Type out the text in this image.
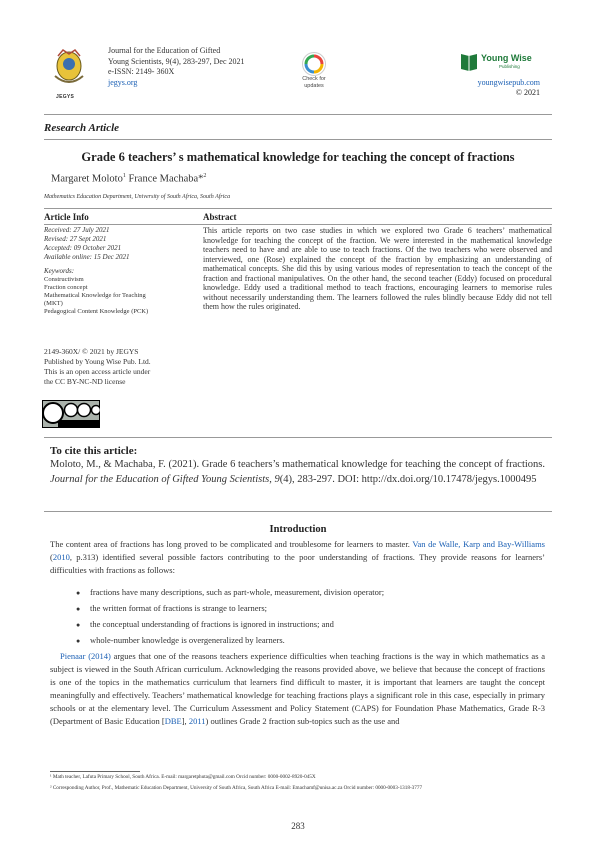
JEGYS
Journal for the Education of Gifted
Young Scientists, 9(4), 283-297, Dec 2021
e-ISSN: 2149- 360X
jegys.org	Check for
updates
Young Wise
Publishing
youngwisepub.com
© 2021
Research Article
Grade 6 teachers’ s mathematical knowledge for teaching the concept of fractions
Margaret Moloto$^1$ France Machaba*$^2$
Mathematics Education Department, University of South Africa, South Africa
Article Info	Abstract
Received: 27 July 2021
Revised: 27 Sept 2021
Accepted: 09 October 2021
Available online: 15 Dec 2021
Keywords:
Constructivism
Fraction concept
Mathematical Knowledge for Teaching
(MKT)
Pedagogical Content Knowledge (PCK)
2149-360X/ © 2021 by JEGYS
Published by Young Wise Pub. Ltd.
This is an open access article under
the CC BY-NC-ND license
This article reports on two case studies in which we explored two Grade 6 teachers’ mathematical knowledge for teaching the concept of the fraction. We were interested in the mathematical knowledge teachers need to have and are able to use to teach fractions. Of the two teachers who were observed and interviewed, one (Rose) explained the concept of the fraction by emphasizing an understanding of mathematical concepts. She did this by using various modes of representation to teach the concept of the fraction and fractional manipulatives. On the other hand, the second teacher (Eddy) focused on procedural knowledge. Eddy used a traditional method to teach fractions, encouraging learners to memorise rules without necessarily understanding them. The learners followed the rules blindly because Eddy did not tell them how the rules originated.
To cite this article:
Moloto, M., & Machaba, F. (2021). Grade 6 teachers’s mathematical knowledge for teaching the concept of fractions. Journal for the Education of Gifted Young Scientists, 9(4), 283-297. DOI: http://dx.doi.org/10.17478/jegys.1000495
Introduction
The content area of fractions has long proved to be complicated and troublesome for learners to master. Van de Walle, Karp and Bay-Williams (2010, p.313) identified several possible factors contributing to the poor understanding of fractions. They provide reasons for learners’ difficulties with fractions as follows:
● fractions have many descriptions, such as part-whole, measurement, division operator;
● the written format of fractions is strange to learners;
● the conceptual understanding of fractions is ignored in instructions; and
● whole-number knowledge is overgeneralized by learners.
Pienaar (2014) argues that one of the reasons teachers experience difficulties when teaching fractions is the way in which mathematics as a subject is viewed in the South African curriculum. Acknowledging the reasons provided above, we believe that because the concept of fractions is one of the topics in the mathematics curriculum that learners find difficult to master, it is important that learners are taught the concept meaningfully and effectively. Teachers’ mathematical knowledge for teaching fractions plays a significant role in this case, especially in primary schools or at the elementary level. The Curriculum Assessment and Policy Statement (CAPS) for Foundation Phase Mathematics, Grade R-3 (Department of Basic Education [DBE], 2011) outlines Grade 2 fraction sub-topics such as the use and
¹ Math teacher, Lafuta Primary School, South Africa. E-mail: margaretphuta@gmail.com Orcid number: 0000-0002-8920-045X
² Corresponding Author, Prof., Mathematic Education Department, University of South Africa, South Africa E-mail: Emachamf@unisa.ac.za Orcid number: 0000-0003-1318-3777
283
